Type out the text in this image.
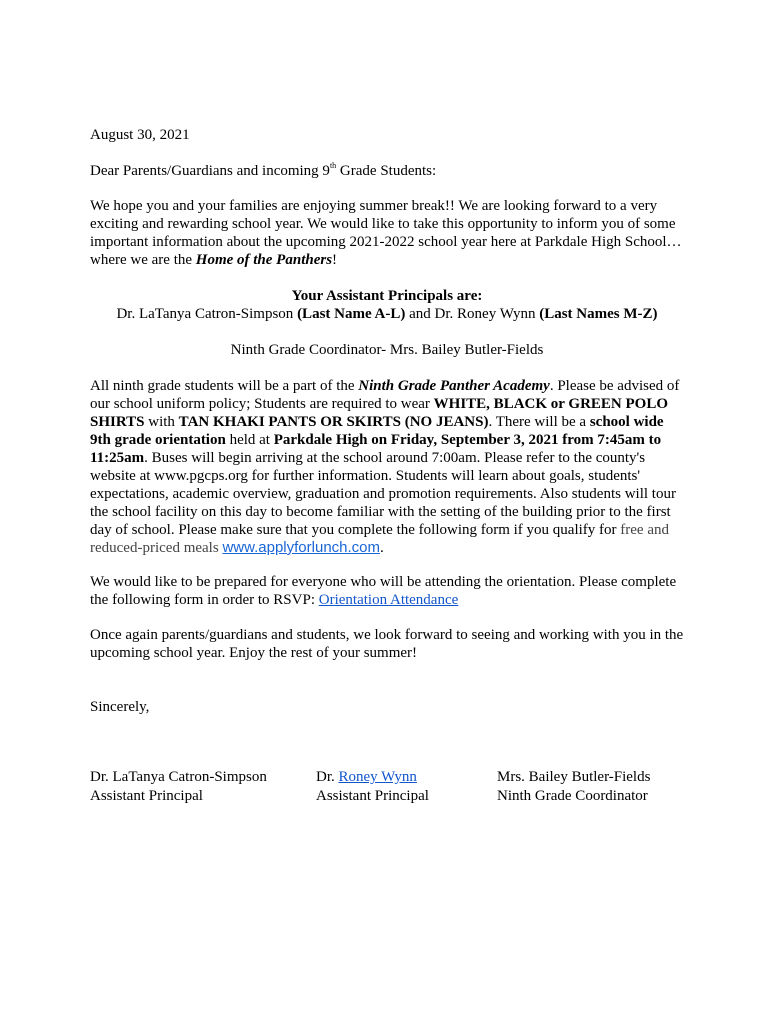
August 30, 2021

Dear Parents/Guardians and incoming 9th Grade Students:

We hope you and your families are enjoying summer break!! We are looking forward to a very exciting and rewarding school year. We would like to take this opportunity to inform you of some important information about the upcoming 2021-2022 school year here at Parkdale High School…where we are the Home of the Panthers!

Your Assistant Principals are:

Dr. LaTanya Catron-Simpson (Last Name A-L) and Dr. Roney Wynn (Last Names M-Z)

Ninth Grade Coordinator- Mrs. Bailey Butler-Fields

All ninth grade students will be a part of the Ninth Grade Panther Academy. Please be advised of our school uniform policy; Students are required to wear WHITE, BLACK or GREEN POLO SHIRTS with TAN KHAKI PANTS OR SKIRTS (NO JEANS). There will be a school wide 9th grade orientation held at Parkdale High on Friday, September 3, 2021 from 7:45am to 11:25am. Buses will begin arriving at the school around 7:00am. Please refer to the county's website at www.pgcps.org for further information. Students will learn about goals, students' expectations, academic overview, graduation and promotion requirements. Also students will tour the school facility on this day to become familiar with the setting of the building prior to the first day of school. Please make sure that you complete the following form if you qualify for free and reduced-priced meals www.applyforlunch.com.

We would like to be prepared for everyone who will be attending the orientation. Please complete the following form in order to RSVP: Orientation Attendance

Once again parents/guardians and students, we look forward to seeing and working with you in the upcoming school year. Enjoy the rest of your summer!

Sincerely,

Dr. LaTanya Catron-Simpson
Assistant Principal
Dr. Roney Wynn
Assistant Principal
Mrs. Bailey Butler-Fields
Ninth Grade Coordinator
